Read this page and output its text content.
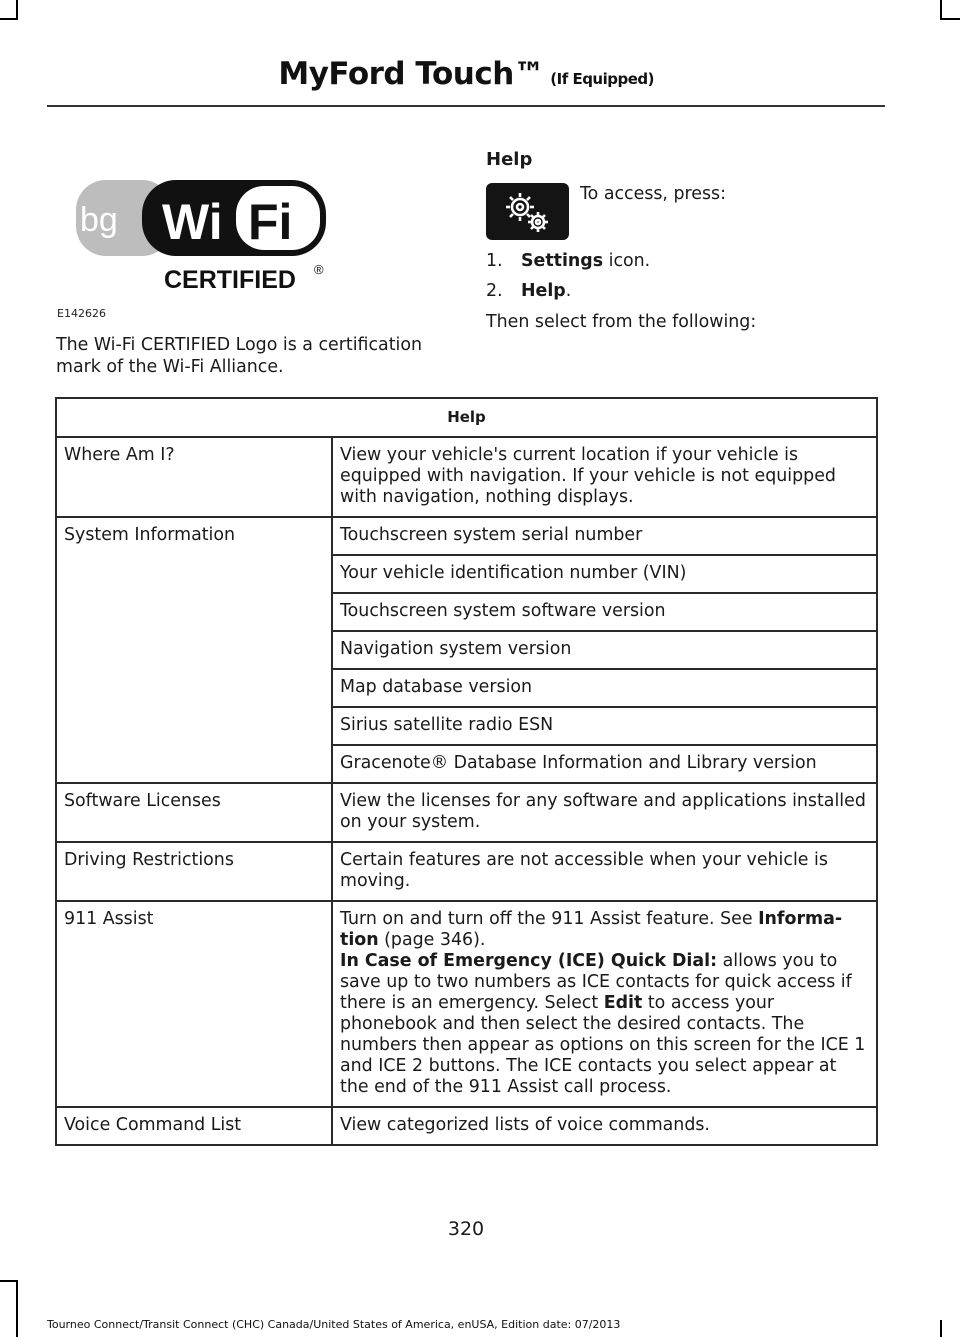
MyFord Touch™ (If Equipped)
bg Wi Fi
CERTIFIED ®
E142626
The Wi-Fi CERTIFIED Logo is a certification mark of the Wi-Fi Alliance.
Help
To access, press:
1. Settings icon.
2. Help.
Then select from the following:
Help	
Where Am I?	View your vehicle's current location if your vehicle is equipped with navigation. If your vehicle is not equipped with navigation, nothing displays.
System Information	Touchscreen system serial number
	Your vehicle identification number (VIN)
	Touchscreen system software version
	Navigation system version
	Map database version
	Sirius satellite radio ESN
	Gracenote® Database Information and Library version
Software Licenses	View the licenses for any software and applications installed on your system.
Driving Restrictions	Certain features are not accessible when your vehicle is moving.
911 Assist	Turn on and turn off the 911 Assist feature. See Informa-tion (page 346).
In Case of Emergency (ICE) Quick Dial: allows you to save up to two numbers as ICE contacts for quick access if there is an emergency. Select Edit to access your phonebook and then select the desired contacts. The numbers then appear as options on this screen for the ICE 1 and ICE 2 buttons. The ICE contacts you select appear at the end of the 911 Assist call process.

Voice Command List	View categorized lists of voice commands.
320
Tourneo Connect/Transit Connect (CHC) Canada/United States of America, enUSA, Edition date: 07/2013
